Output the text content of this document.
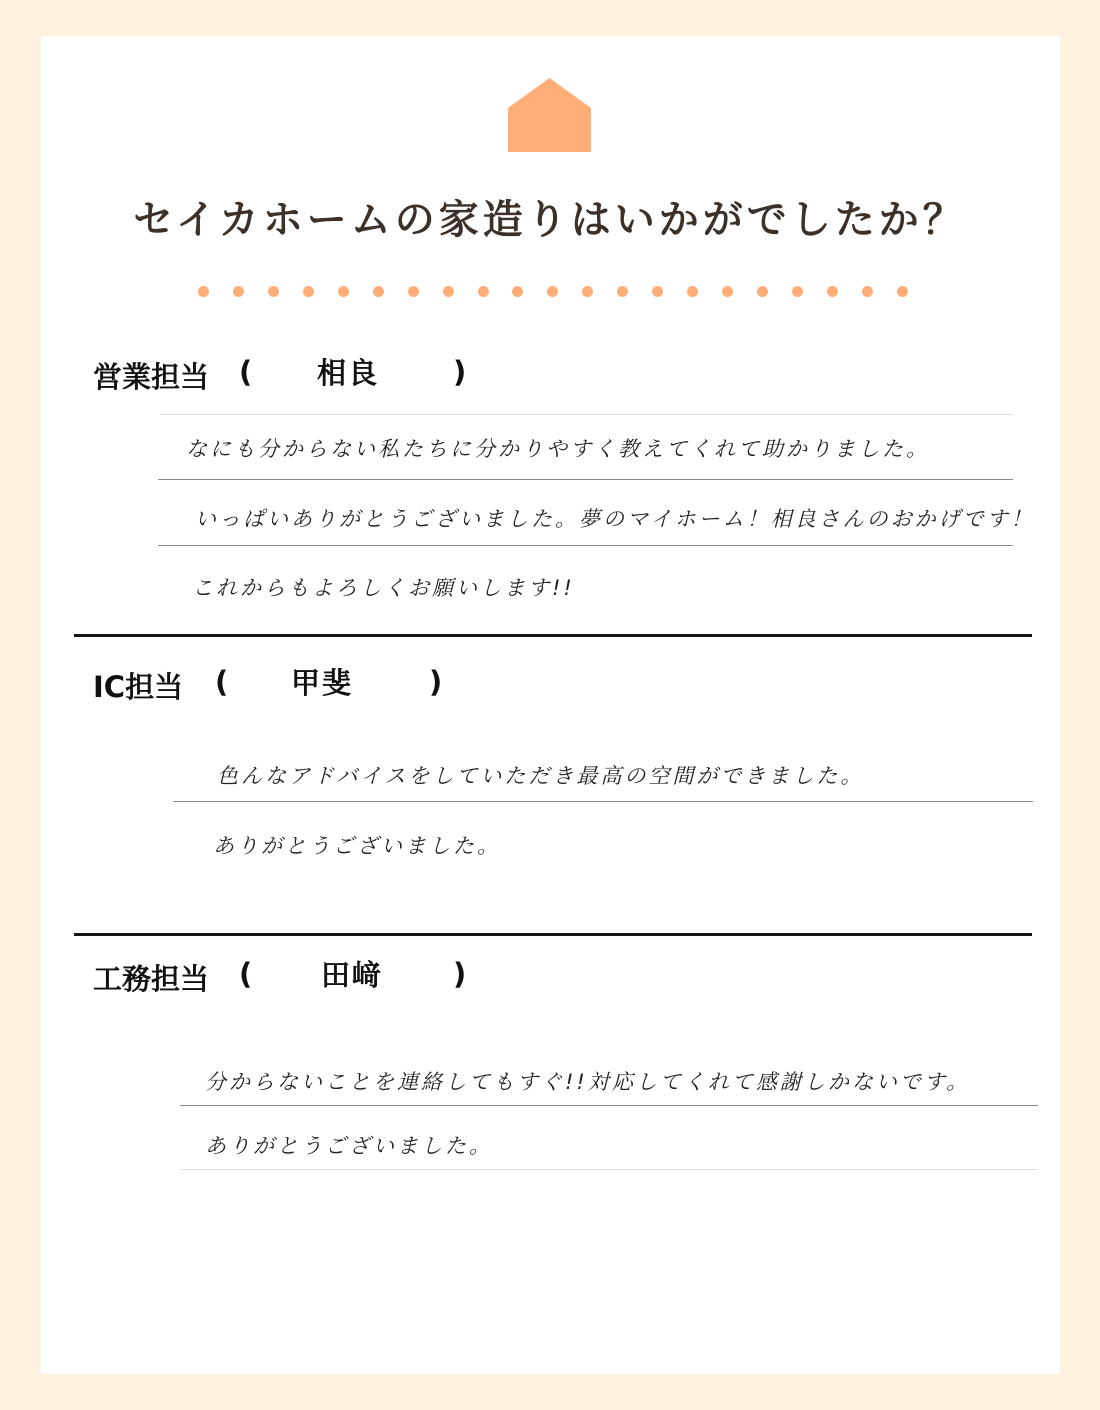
セイカホームの家造りはいかがでしたか？
営業担当 ( 相良	)
なにも分からない私たちに分かりやすく教えてくれて助かりました。
いっぱいありがとうございました。夢のマイホーム！相良さんのおかげです！
これからもよろしくお願いします!!
IC担当 ( 甲斐	)
色んなアドバイスをしていただき最高の空間ができました。
ありがとうございました。
工務担当 ( 田﨑 )
分からないことを連絡してもすぐ!!対応してくれて感謝しかないです。
ありがとうございました。
